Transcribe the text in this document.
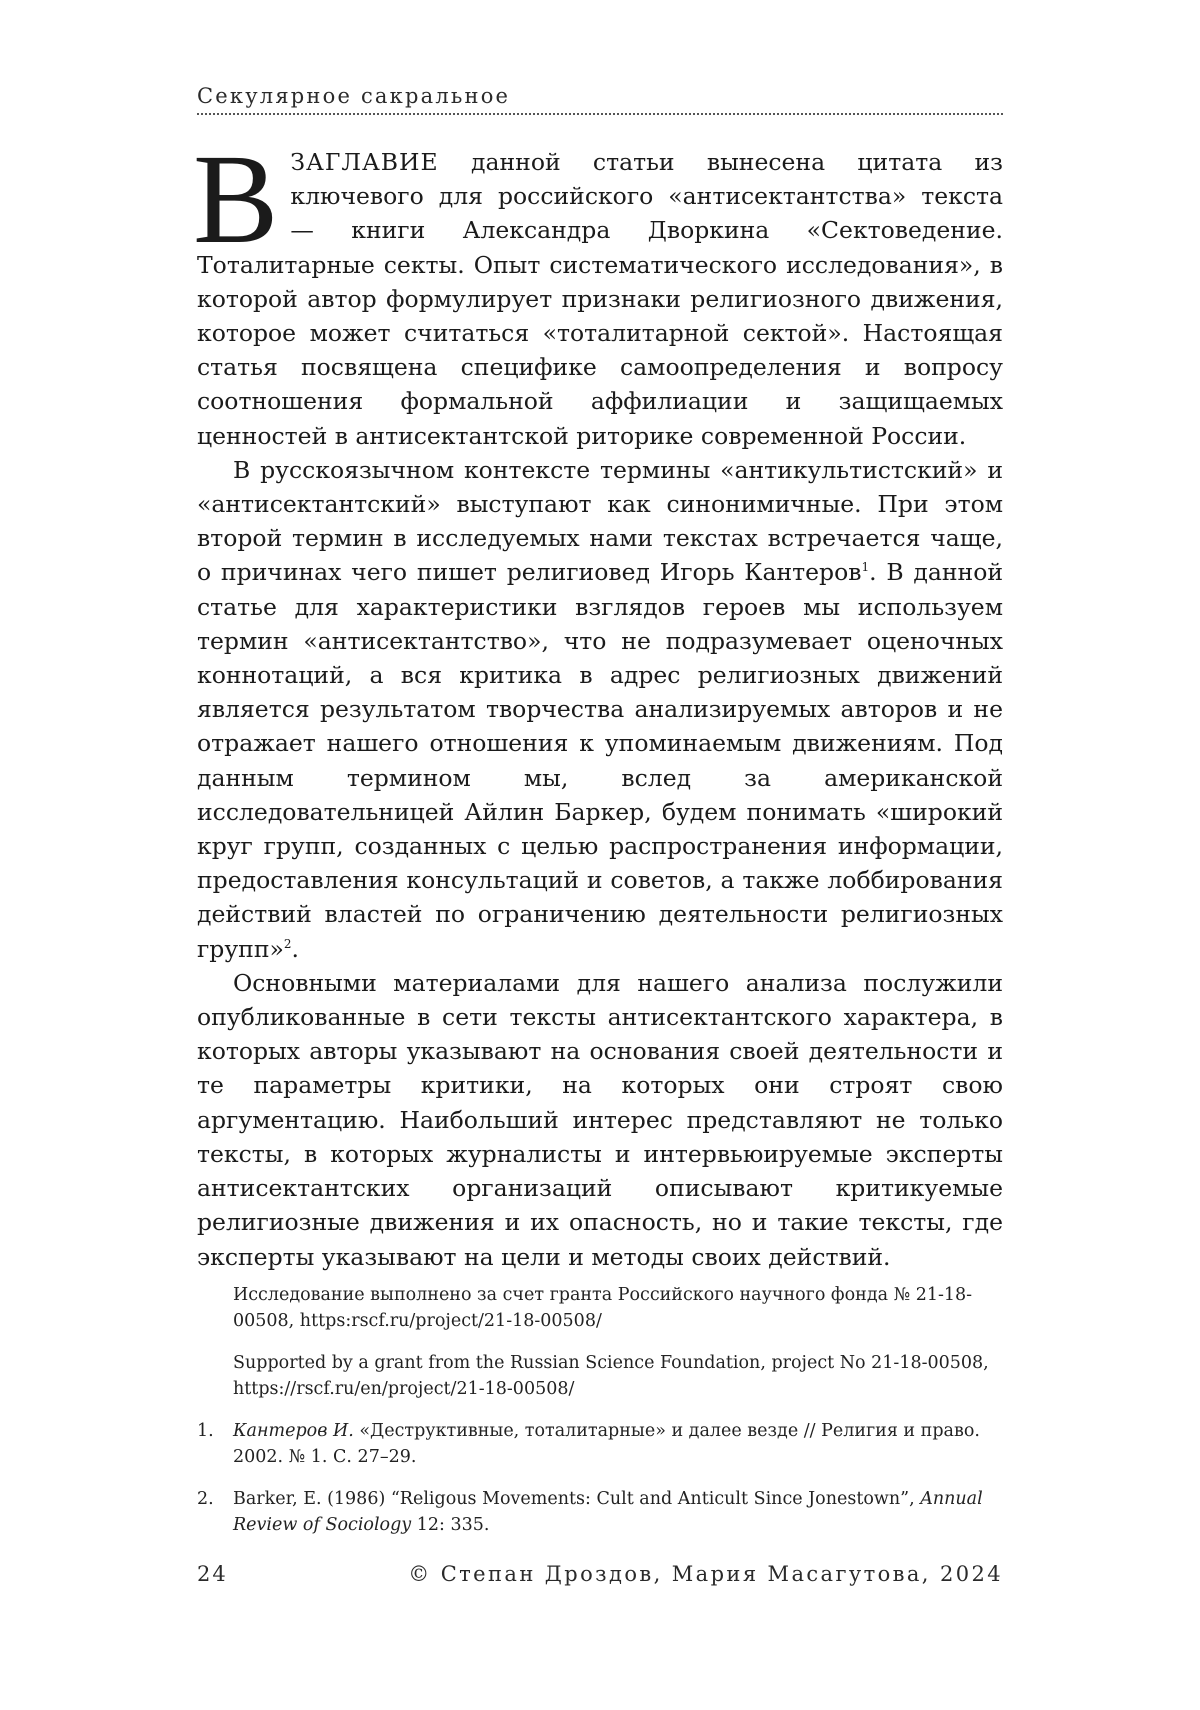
Секулярное сакральное

ВЗАГЛАВИЕ данной статьи вынесена цитата из ключевого для российского «антисектантства» текста — книги Александра Дворкина «Сектоведение. Тоталитарные секты. Опыт систематического исследования», в которой автор формулирует признаки религиозного движения, которое может считаться «тоталитарной сектой». Настоящая статья посвящена специфике самоопределения и вопросу соотношения формальной аффилиации и защищаемых ценностей в антисектантской риторике современной России.

В русскоязычном контексте термины «антикультистский» и «антисектантский» выступают как синонимичные. При этом второй термин в исследуемых нами текстах встречается чаще, о причинах чего пишет религиовед Игорь Кантеров$^1$. В данной статье для характеристики взглядов героев мы используем термин «антисектантство», что не подразумевает оценочных коннотаций, а вся критика в адрес религиозных движений является результатом творчества анализируемых авторов и не отражает нашего отношения к упоминаемым движениям. Под данным термином мы, вслед за американской исследовательницей Айлин Баркер, будем понимать «широкий круг групп, созданных с целью распространения информации, предоставления консультаций и советов, а также лоббирования действий властей по ограничению деятельности религиозных групп»$^2$.

Основными материалами для нашего анализа послужили опубликованные в сети тексты антисектантского характера, в которых авторы указывают на основания своей деятельности и те параметры критики, на которых они строят свою аргументацию. Наибольший интерес представляют не только тексты, в которых журналисты и интервьюируемые эксперты антисектантских организаций описывают критикуемые религиозные движения и их опасность, но и такие тексты, где эксперты указывают на цели и методы своих действий.

Исследование выполнено за счет гранта Российского научного фонда № 21-18-00508, https:rscf.ru/project/21-18-00508/
Supported by a grant from the Russian Science Foundation, project No 21-18-00508, https://rscf.ru/en/project/21-18-00508/
1. Кантеров И. «Деструктивные, тоталитарные» и далее везде // Религия и право. 2002. № 1. С. 27–29.
2. Barker, E. (1986) “Religous Movements: Cult and Anticult Since Jonestown”, Annual Review of Sociology 12: 335.
24	© Степан Дроздов, Мария Масагутова, 2024
